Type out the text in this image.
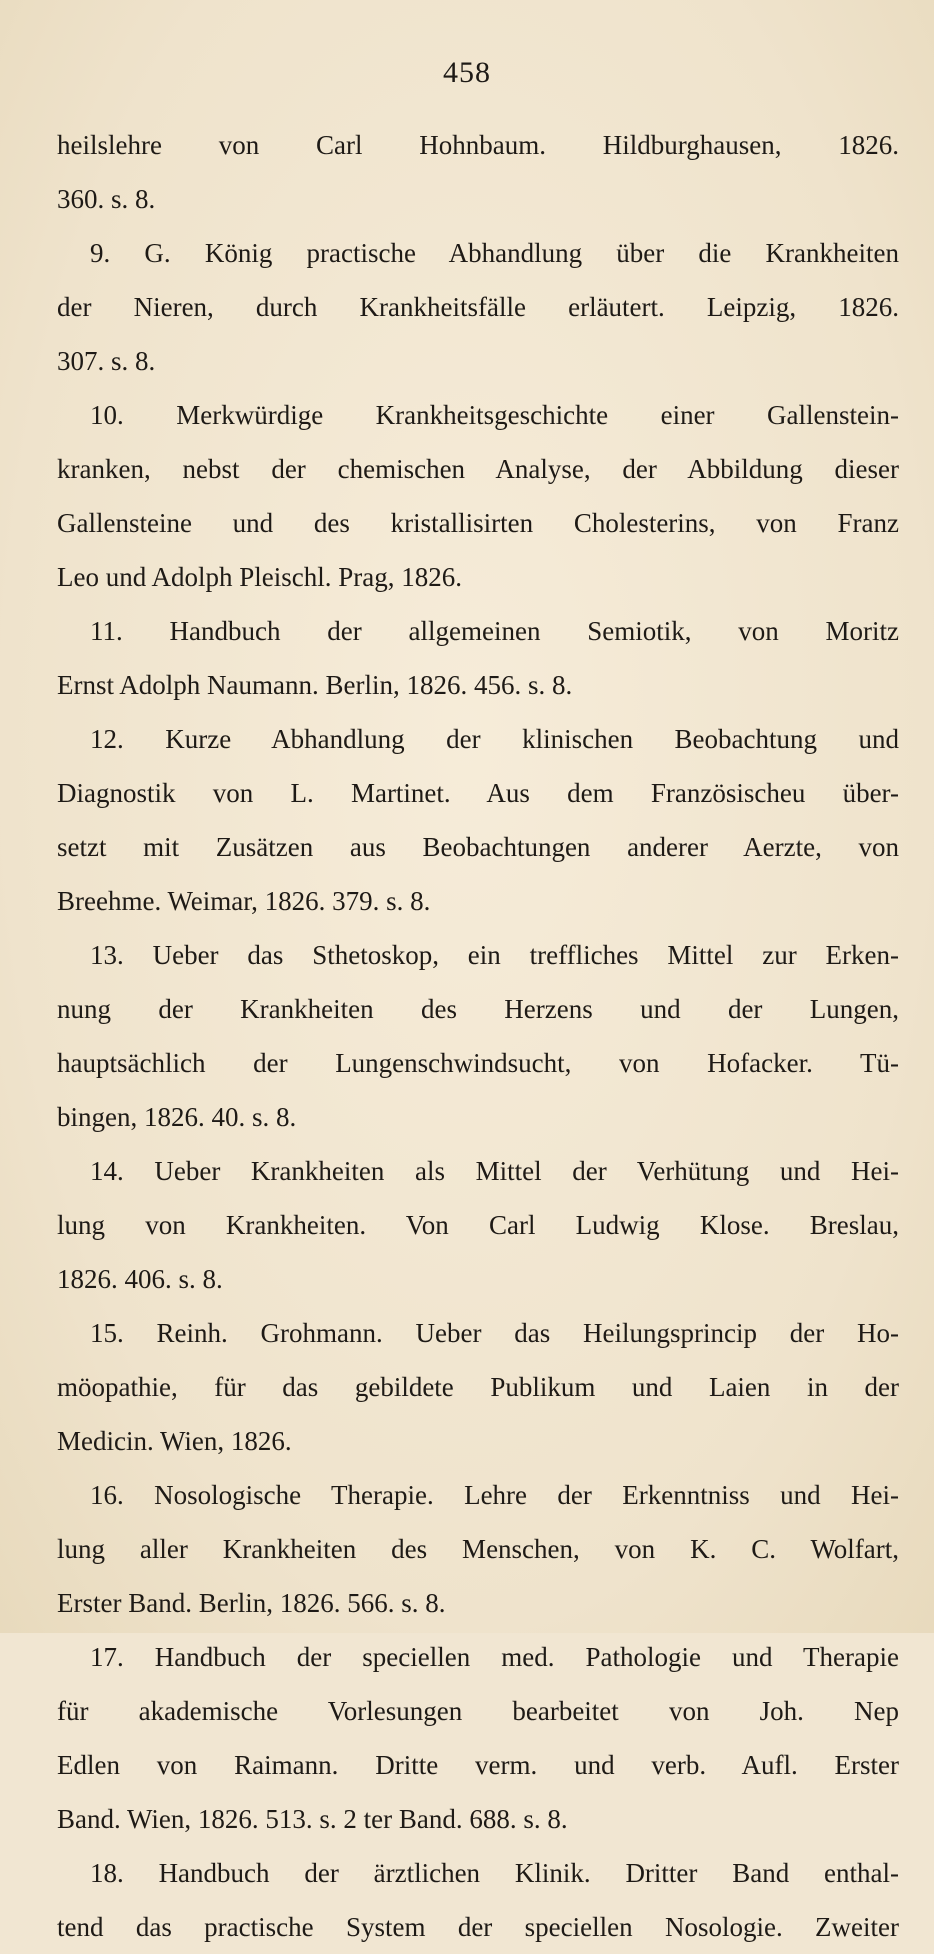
458
heilslehre von Carl Hohnbaum. Hildburghausen, 1826.
360. s. 8.
9. G. König practische Abhandlung über die Krankheiten
der Nieren, durch Krankheitsfälle erläutert. Leipzig, 1826.
307. s. 8.
10. Merkwürdige Krankheitsgeschichte einer Gallenstein-
kranken, nebst der chemischen Analyse, der Abbildung dieser
Gallensteine und des kristallisirten Cholesterins, von Franz
Leo und Adolph Pleischl. Prag, 1826.
11. Handbuch der allgemeinen Semiotik, von Moritz
Ernst Adolph Naumann. Berlin, 1826. 456. s. 8.
12. Kurze Abhandlung der klinischen Beobachtung und
Diagnostik von L. Martinet. Aus dem Französischeu über-
setzt mit Zusätzen aus Beobachtungen anderer Aerzte, von
Breehme. Weimar, 1826. 379. s. 8.
13. Ueber das Sthetoskop, ein treffliches Mittel zur Erken-
nung der Krankheiten des Herzens und der Lungen,
hauptsächlich der Lungenschwindsucht, von Hofacker. Tü-
bingen, 1826. 40. s. 8.
14. Ueber Krankheiten als Mittel der Verhütung und Hei-
lung von Krankheiten. Von Carl Ludwig Klose. Breslau,
1826. 406. s. 8.
15. Reinh. Grohmann. Ueber das Heilungsprincip der Ho-
möopathie, für das gebildete Publikum und Laien in der
Medicin. Wien, 1826.
16. Nosologische Therapie. Lehre der Erkenntniss und Hei-
lung aller Krankheiten des Menschen, von K. C. Wolfart,
Erster Band. Berlin, 1826. 566. s. 8.
17. Handbuch der speciellen med. Pathologie und Therapie
für akademische Vorlesungen bearbeitet von Joh. Nep
Edlen von Raimann. Dritte verm. und verb. Aufl. Erster
Band. Wien, 1826. 513. s. 2 ter Band. 688. s. 8.
18. Handbuch der ärztlichen Klinik. Dritter Band enthal-
tend das practische System der speciellen Nosologie. Zweiter
